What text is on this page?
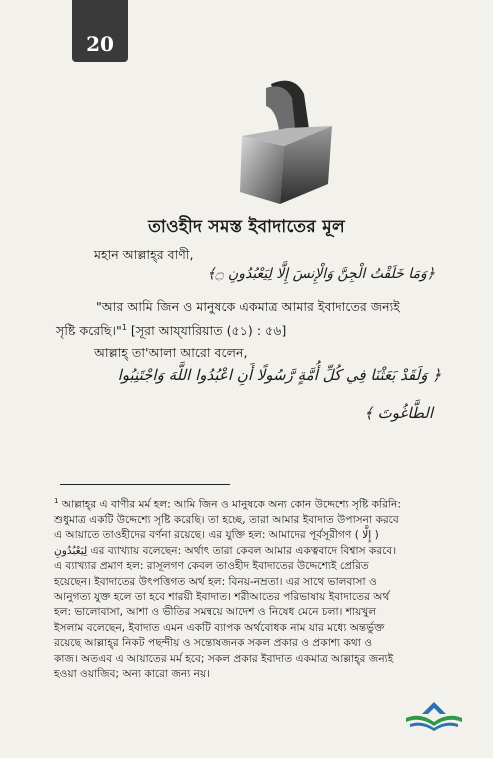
20
তাওহীদ সমস্ত ইবাদাতের মূল
মহান আল্লাহ্‌র বাণী,
﴿وَمَا خَلَقْتُ الْجِنَّ وَالْإِنسَ إِلَّا لِيَعْبُدُونِ ۝﴾
"আর আমি জিন ও মানুষকে একমাত্র আমার ইবাদাতের জন্যই
সৃষ্টি করেছি।"$^1$ [সূরা আয্‌যারিয়াত (৫১) : ৫৬]
আল্লাহ্‌ তা'আলা আরো বলেন,
﴿ وَلَقَدْ بَعَثْنَا فِي كُلِّ أُمَّةٍ رَّسُولًا أَنِ اعْبُدُوا اللَّهَ وَاجْتَنِبُوا
الطَّاغُوتَ ﴾

$^1$ আল্লাহ্‌র এ বাণীর মর্ম হল: আমি জিন ও মানুষকে অন্য কোন উদ্দেশ্যে সৃষ্টি করিনি:

শুধুমাত্র একটি উদ্দেশ্যে সৃষ্টি করেছি। তা হচ্ছে, তারা আমার ইবাদাত উপাসনা করবে

এ আয়াতে তাওহীদের বর্ণনা রয়েছে। এর যুক্তি হল: আমাদের পূর্বসূরীগণ ( إِلَّا )

لِيَعْبُدُونِ এর ব্যাখ্যায় বলেছেন: অর্থাৎ তারা কেবল আমার একত্ববাদে বিশ্বাস করবে।

এ ব্যাখ্যার প্রমাণ হল: রাসূলগণ কেবল তাওহীদ ইবাদাতের উদ্দেশ্যেই প্রেরিত

হয়েছেন। ইবাদাতের উৎপত্তিগত অর্থ হল: বিনয়-নম্রতা। এর সাথে ভালবাসা ও

আনুগত্য যুক্ত হলে তা হবে শারয়ী ইবাদাত। শরীআতের পরিভাষায় ইবাদাতের অর্থ

হল: ভালোবাসা, আশা ও ভীতির সমন্বয়ে আদেশ ও নিষেধ মেনে চলা। শায়খুল

ইসলাম বলেছেন, ইবাদাত এমন একটি ব্যাপক অর্থবোধক নাম যার মধ্যে অন্তর্ভুক্ত

রয়েছে আল্লাহ্‌র নিকট পছন্দীয় ও সন্তোষজনক সকল প্রকার ও প্রকাশ্য কথা ও

কাজ। অতএব এ আয়াতের মর্ম হবে; সকল প্রকার ইবাদাত একমাত্র আল্লাহ্‌র জন্যই

হওয়া ওয়াজিব; অন্য কারো জন্য নয়।
